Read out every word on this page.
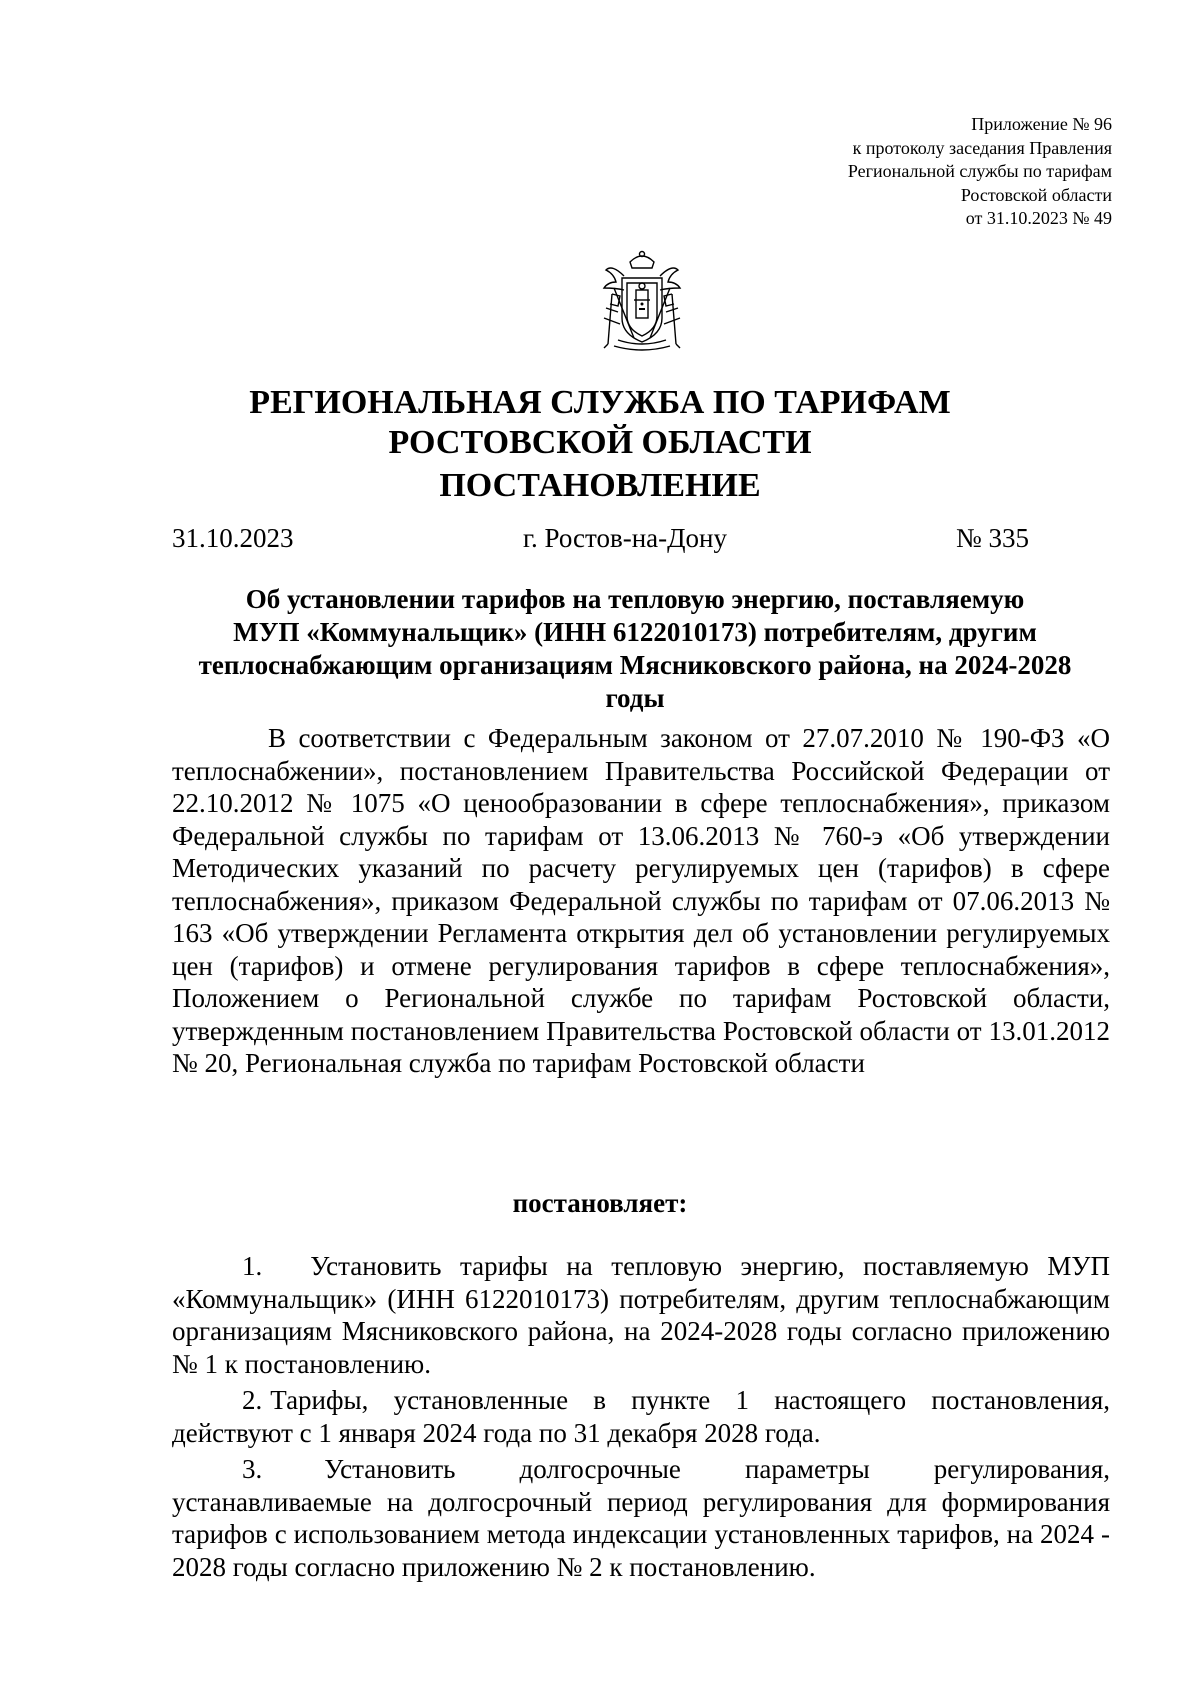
Приложение № 96
к протоколу заседания Правления
Региональной службы по тарифам
Ростовской области
от 31.10.2023 № 49
РЕГИОНАЛЬНАЯ СЛУЖБА ПО ТАРИФАМ
РОСТОВСКОЙ ОБЛАСТИ
ПОСТАНОВЛЕНИЕ
31.10.2023	г. Ростов-на-Дону	№ 335
Об установлении тарифов на тепловую энергию, поставляемую
МУП «Коммунальщик» (ИНН 6122010173) потребителям, другим
теплоснабжающим организациям Мясниковского района, на 2024-2028
годы
В соответствии с Федеральным законом от 27.07.2010 № 190-ФЗ «О теплоснабжении», постановлением Правительства Российской Федерации от 22.10.2012 № 1075 «О ценообразовании в сфере теплоснабжения», приказом Федеральной службы по тарифам от 13.06.2013 № 760-э «Об утверждении Методических указаний по расчету регулируемых цен (тарифов) в сфере теплоснабжения», приказом Федеральной службы по тарифам от 07.06.2013 № 163 «Об утверждении Регламента открытия дел об установлении регулируемых цен (тарифов) и отмене регулирования тарифов в сфере теплоснабжения», Положением о Региональной службе по тарифам Ростовской области, утвержденным постановлением Правительства Ростовской области от 13.01.2012 № 20, Региональная служба по тарифам Ростовской области
постановляет:

1. Установить тарифы на тепловую энергию, поставляемую МУП «Коммунальщик» (ИНН 6122010173) потребителям, другим теплоснабжающим организациям Мясниковского района, на 2024-2028 годы согласно приложению № 1 к постановлению.

2. Тарифы, установленные в пункте 1 настоящего постановления, действуют с 1 января 2024 года по 31 декабря 2028 года.

3. Установить долгосрочные параметры регулирования, устанавливаемые на долгосрочный период регулирования для формирования тарифов с использованием метода индексации установленных тарифов, на 2024 - 2028 годы согласно приложению № 2 к постановлению.
